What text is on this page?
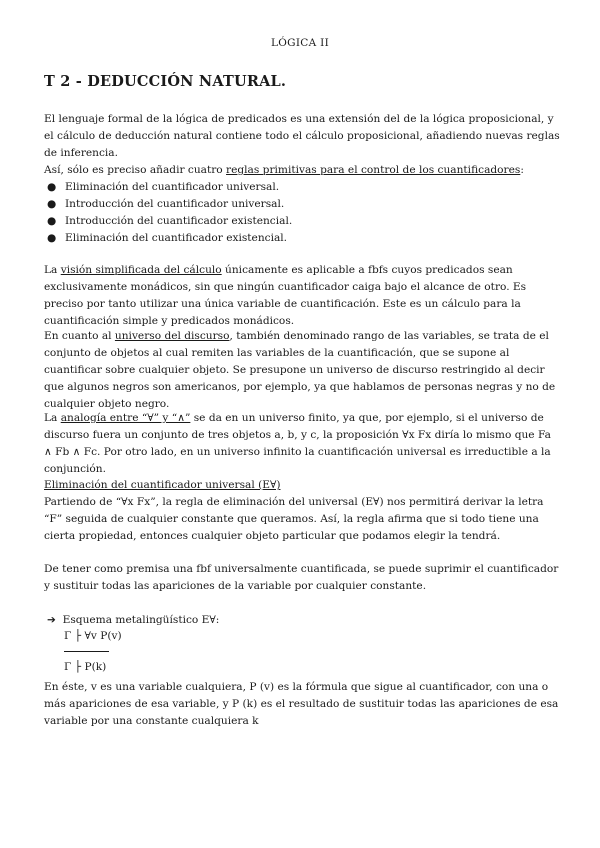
LÓGICA II
T 2 - DEDUCCIÓN NATURAL.

El lenguaje formal de la lógica de predicados es una extensión del de la lógica proposicional, y el cálculo de deducción natural contiene todo el cálculo proposicional, añadiendo nuevas reglas de inferencia.

Así, sólo es preciso añadir cuatro reglas primitivas para el control de los cuantificadores:

● Eliminación del cuantificador universal.
● Introducción del cuantificador universal.
● Introducción del cuantificador existencial.
● Eliminación del cuantificador existencial.

La visión simplificada del cálculo únicamente es aplicable a fbfs cuyos predicados sean exclusivamente monádicos, sin que ningún cuantificador caiga bajo el alcance de otro. Es preciso por tanto utilizar una única variable de cuantificación. Este es un cálculo para la cuantificación simple y predicados monádicos.

En cuanto al universo del discurso, también denominado rango de las variables, se trata de el conjunto de objetos al cual remiten las variables de la cuantificación, que se supone al cuantificar sobre cualquier objeto. Se presupone un universo de discurso restringido al decir que algunos negros son americanos, por ejemplo, ya que hablamos de personas negras y no de cualquier objeto negro.

La analogía entre “∀” y “∧” se da en un universo finito, ya que, por ejemplo, si el universo de discurso fuera un conjunto de tres objetos a, b, y c, la proposición ∀x Fx diría lo mismo que Fa ∧ Fb ∧ Fc. Por otro lado, en un universo infinito la cuantificación universal es irreductible a la conjunción.

Eliminación del cuantificador universal (E∀)

Partiendo de “∀x Fx”, la regla de eliminación del universal (E∀) nos permitirá derivar la letra “F” seguida de cualquier constante que queramos. Así, la regla afirma que si todo tiene una cierta propiedad, entonces cualquier objeto particular que podamos elegir la tendrá.

De tener como premisa una fbf universalmente cuantificada, se puede suprimir el cuantificador y sustituir todas las apariciones de la variable por cualquier constante.

➔ Esquema metalingüístico E∀:
Γ ├ ∀v P(v)
Γ ├ P(k)

En éste, v es una variable cualquiera, P (v) es la fórmula que sigue al cuantificador, con una o más apariciones de esa variable, y P (k) es el resultado de sustituir todas las apariciones de esa variable por una constante cualquiera k
